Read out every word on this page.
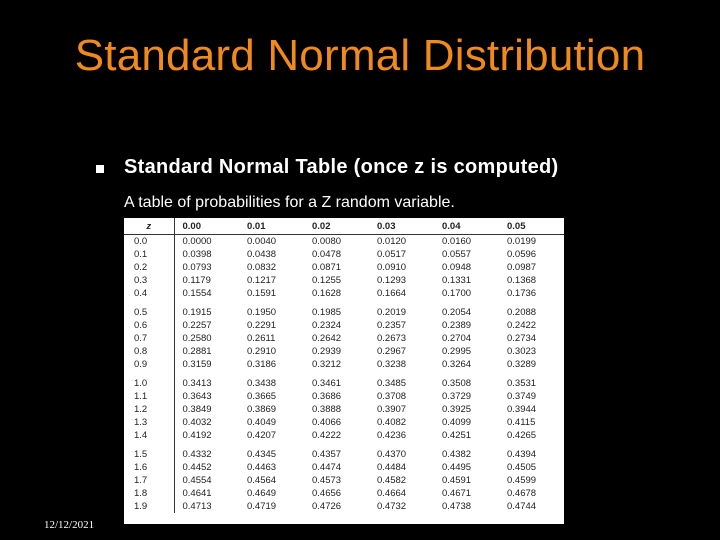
Standard Normal Distribution
Standard Normal Table (once z is computed)
A table of probabilities for a Z random variable.
z	0.00	0.01	0.02	0.03	0.04	0.05
0.0	0.0000	0.0040	0.0080	0.0120	0.0160	0.0199
0.1	0.0398	0.0438	0.0478	0.0517	0.0557	0.0596
0.2	0.0793	0.0832	0.0871	0.0910	0.0948	0.0987
0.3	0.1179	0.1217	0.1255	0.1293	0.1331	0.1368
0.4	0.1554	0.1591	0.1628	0.1664	0.1700	0.1736
0.5	0.1915	0.1950	0.1985	0.2019	0.2054	0.2088
0.6	0.2257	0.2291	0.2324	0.2357	0.2389	0.2422
0.7	0.2580	0.2611	0.2642	0.2673	0.2704	0.2734
0.8	0.2881	0.2910	0.2939	0.2967	0.2995	0.3023
0.9	0.3159	0.3186	0.3212	0.3238	0.3264	0.3289
1.0	0.3413	0.3438	0.3461	0.3485	0.3508	0.3531
1.1	0.3643	0.3665	0.3686	0.3708	0.3729	0.3749
1.2	0.3849	0.3869	0.3888	0.3907	0.3925	0.3944
1.3	0.4032	0.4049	0.4066	0.4082	0.4099	0.4115
1.4	0.4192	0.4207	0.4222	0.4236	0.4251	0.4265
1.5	0.4332	0.4345	0.4357	0.4370	0.4382	0.4394
1.6	0.4452	0.4463	0.4474	0.4484	0.4495	0.4505
1.7	0.4554	0.4564	0.4573	0.4582	0.4591	0.4599
1.8	0.4641	0.4649	0.4656	0.4664	0.4671	0.4678
1.9	0.4713	0.4719	0.4726	0.4732	0.4738	0.4744
12/12/2021
